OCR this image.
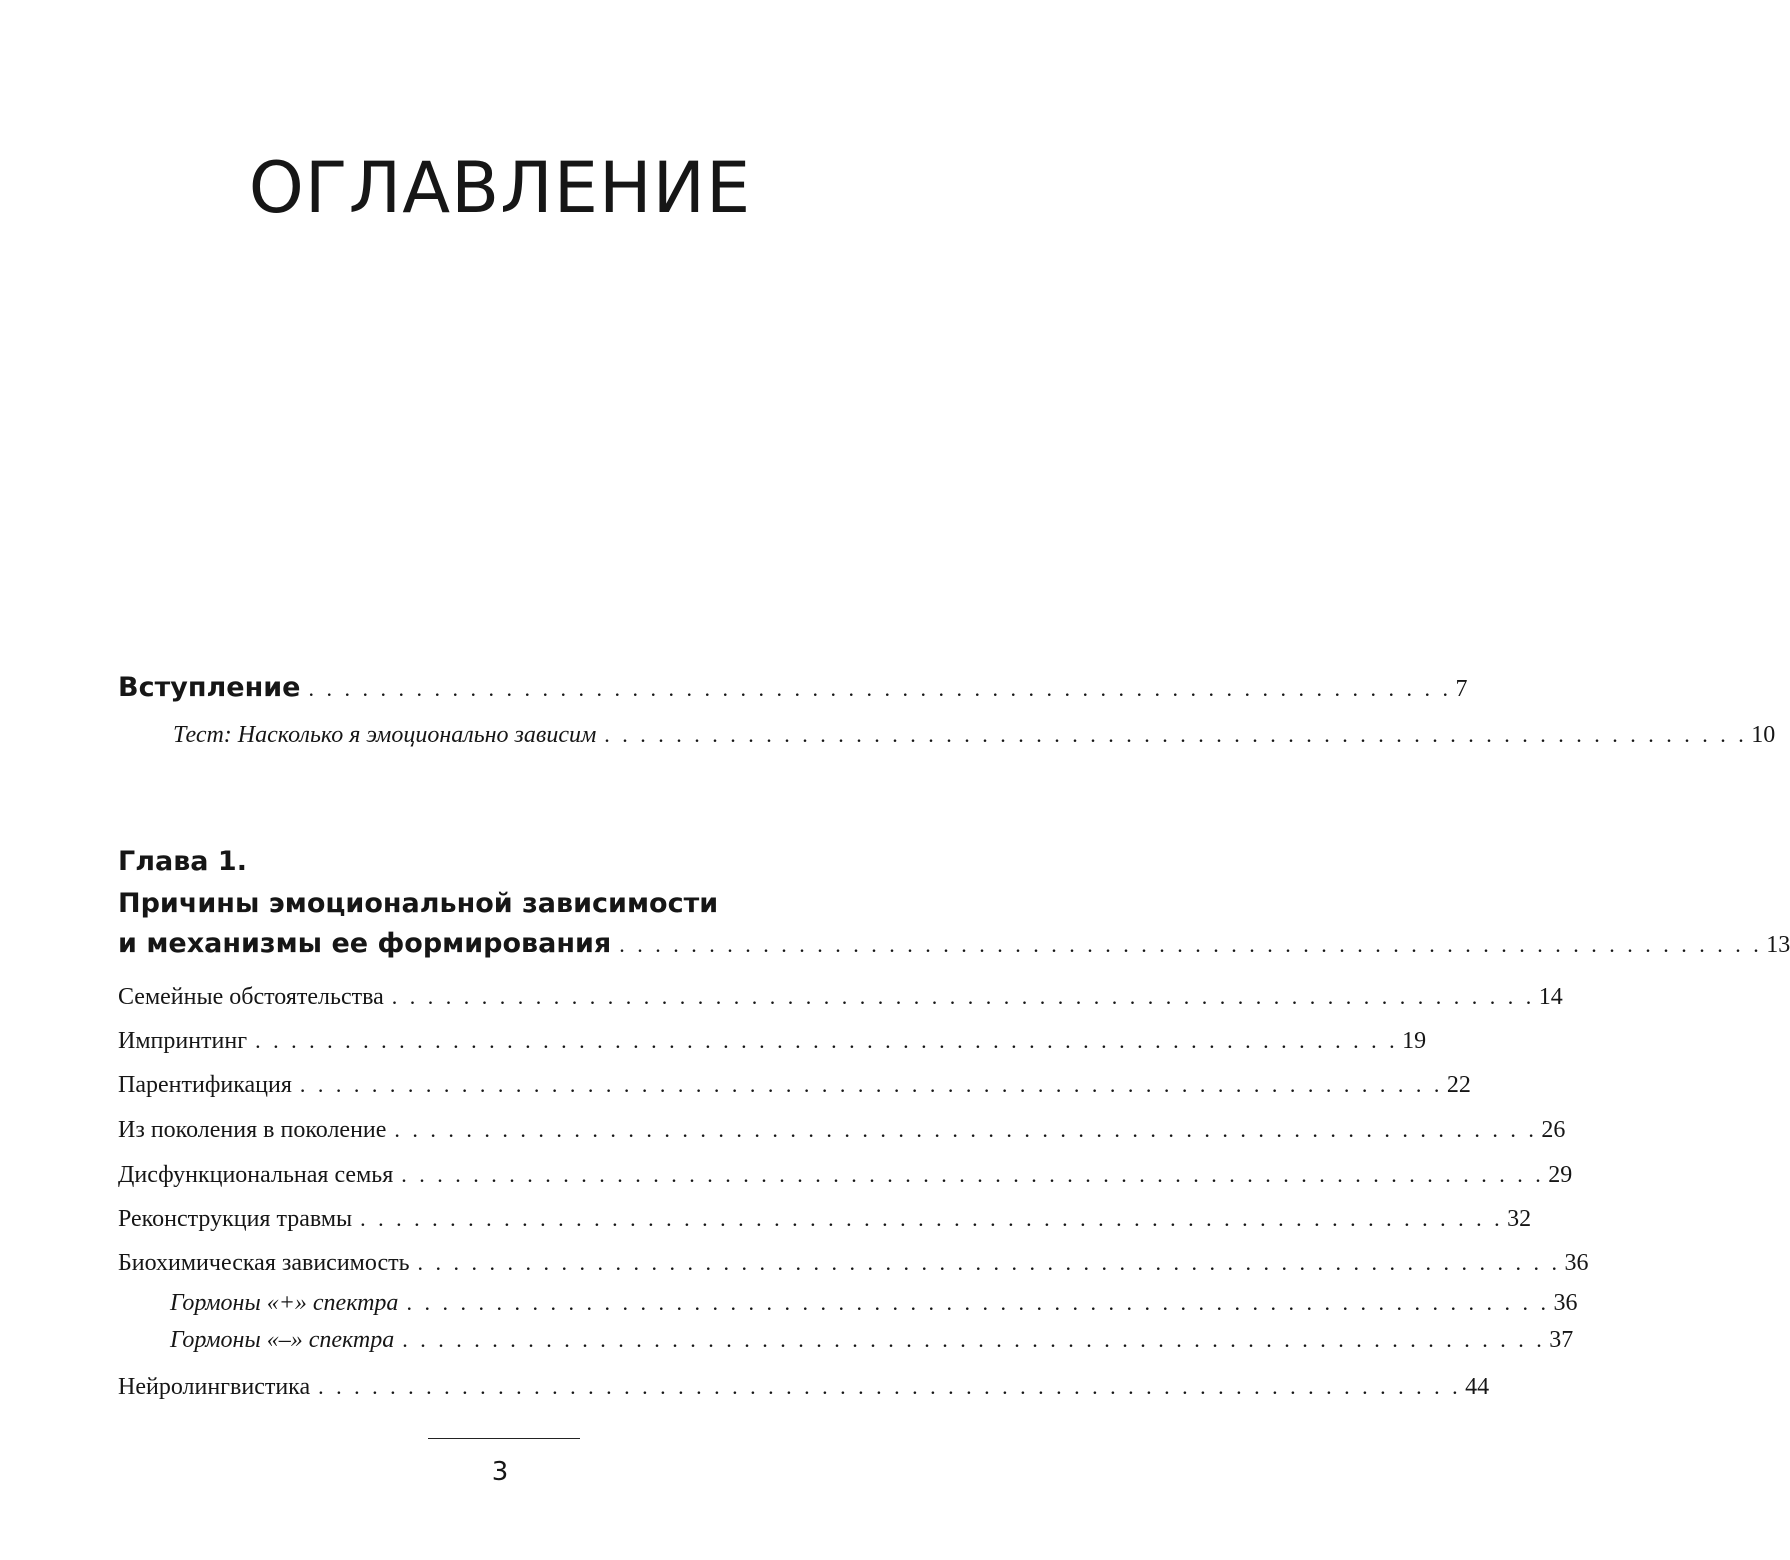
ОГЛАВЛЕНИЕ
Вступление . . . . . . . . . . . . . . . . . . . . . . . . . . . . . . . . . . . . . . . . . . . . . . . . . . . . . . . . . . . . . . . . 7
Тест: Насколько я эмоционально зависим . . . . . . . . . . . . . . . . . . . . . . . . . . . . . . . . . . . . . . . . . . . . . . . . . . . . . . . . . . . . . . . . 10
Глава 1.
Причины эмоциональной зависимости
и механизмы ее формирования . . . . . . . . . . . . . . . . . . . . . . . . . . . . . . . . . . . . . . . . . . . . . . . . . . . . . . . . . . . . . . . . 13
Семейные обстоятельства . . . . . . . . . . . . . . . . . . . . . . . . . . . . . . . . . . . . . . . . . . . . . . . . . . . . . . . . . . . . . . . . 14
Импринтинг . . . . . . . . . . . . . . . . . . . . . . . . . . . . . . . . . . . . . . . . . . . . . . . . . . . . . . . . . . . . . . . . 19
Парентификация . . . . . . . . . . . . . . . . . . . . . . . . . . . . . . . . . . . . . . . . . . . . . . . . . . . . . . . . . . . . . . . . 22
Из поколения в поколение . . . . . . . . . . . . . . . . . . . . . . . . . . . . . . . . . . . . . . . . . . . . . . . . . . . . . . . . . . . . . . . . 26
Дисфункциональная семья . . . . . . . . . . . . . . . . . . . . . . . . . . . . . . . . . . . . . . . . . . . . . . . . . . . . . . . . . . . . . . . . 29
Реконструкция травмы . . . . . . . . . . . . . . . . . . . . . . . . . . . . . . . . . . . . . . . . . . . . . . . . . . . . . . . . . . . . . . . . 32
Биохимическая зависимость . . . . . . . . . . . . . . . . . . . . . . . . . . . . . . . . . . . . . . . . . . . . . . . . . . . . . . . . . . . . . . . . 36
Гормоны «+» спектра . . . . . . . . . . . . . . . . . . . . . . . . . . . . . . . . . . . . . . . . . . . . . . . . . . . . . . . . . . . . . . . . 36
Гормоны «–» спектра . . . . . . . . . . . . . . . . . . . . . . . . . . . . . . . . . . . . . . . . . . . . . . . . . . . . . . . . . . . . . . . . 37
Нейролингвистика . . . . . . . . . . . . . . . . . . . . . . . . . . . . . . . . . . . . . . . . . . . . . . . . . . . . . . . . . . . . . . . . 44
3
